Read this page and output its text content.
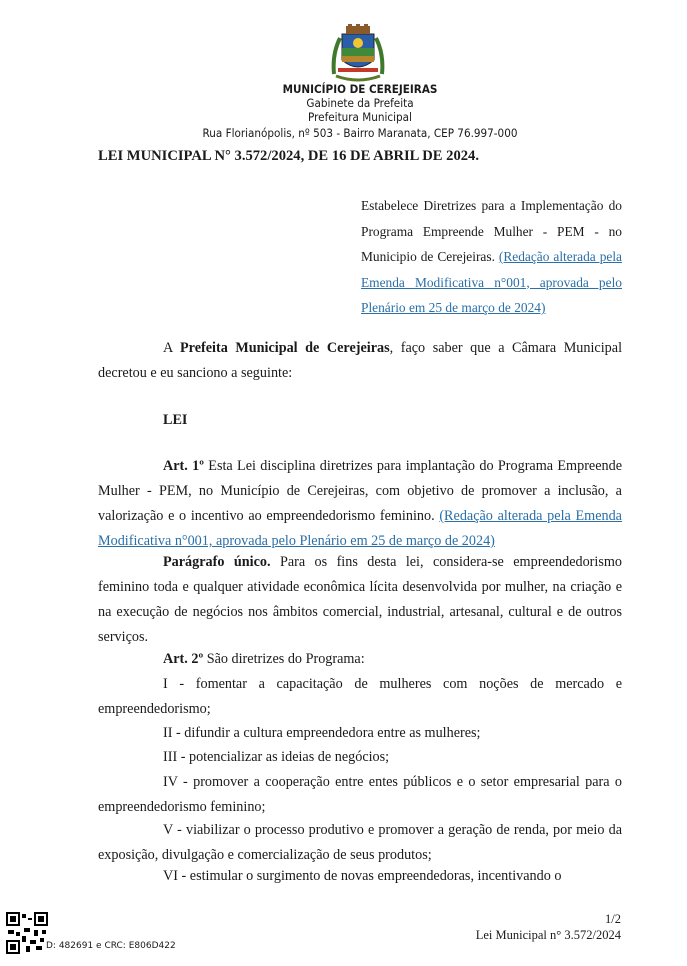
MUNICÍPIO DE CEREJEIRAS
Gabinete da Prefeita
Prefeitura Municipal
Rua Florianópolis, nº 503 - Bairro Maranata, CEP 76.997-000
LEI MUNICIPAL N° 3.572/2024, DE 16 DE ABRIL DE 2024.
Estabelece Diretrizes para a Implementação do Programa Empreende Mulher - PEM - no Municipio de Cerejeiras. (Redação alterada pela Emenda Modificativa n°001, aprovada pelo Plenário em 25 de março de 2024)
A Prefeita Municipal de Cerejeiras, faço saber que a Câmara Municipal decretou e eu sanciono a seguinte:
LEI
Art. 1º Esta Lei disciplina diretrizes para implantação do Programa Empreende Mulher - PEM, no Município de Cerejeiras, com objetivo de promover a inclusão, a valorização e o incentivo ao empreendedorismo feminino. (Redação alterada pela Emenda Modificativa n°001, aprovada pelo Plenário em 25 de março de 2024)
Parágrafo único. Para os fins desta lei, considera-se empreendedorismo feminino toda e qualquer atividade econômica lícita desenvolvida por mulher, na criação e na execução de negócios nos âmbitos comercial, industrial, artesanal, cultural e de outros serviços.
Art. 2º São diretrizes do Programa:
I - fomentar a capacitação de mulheres com noções de mercado e empreendedorismo;
II - difundir a cultura empreendedora entre as mulheres;
III - potencializar as ideias de negócios;
IV - promover a cooperação entre entes públicos e o setor empresarial para o empreendedorismo feminino;
V - viabilizar o processo produtivo e promover a geração de renda, por meio da exposição, divulgação e comercialização de seus produtos;
VI - estimular o surgimento de novas empreendedoras, incentivando o
D: 482691 e CRC: E806D422
1/2
Lei Municipal n° 3.572/2024
